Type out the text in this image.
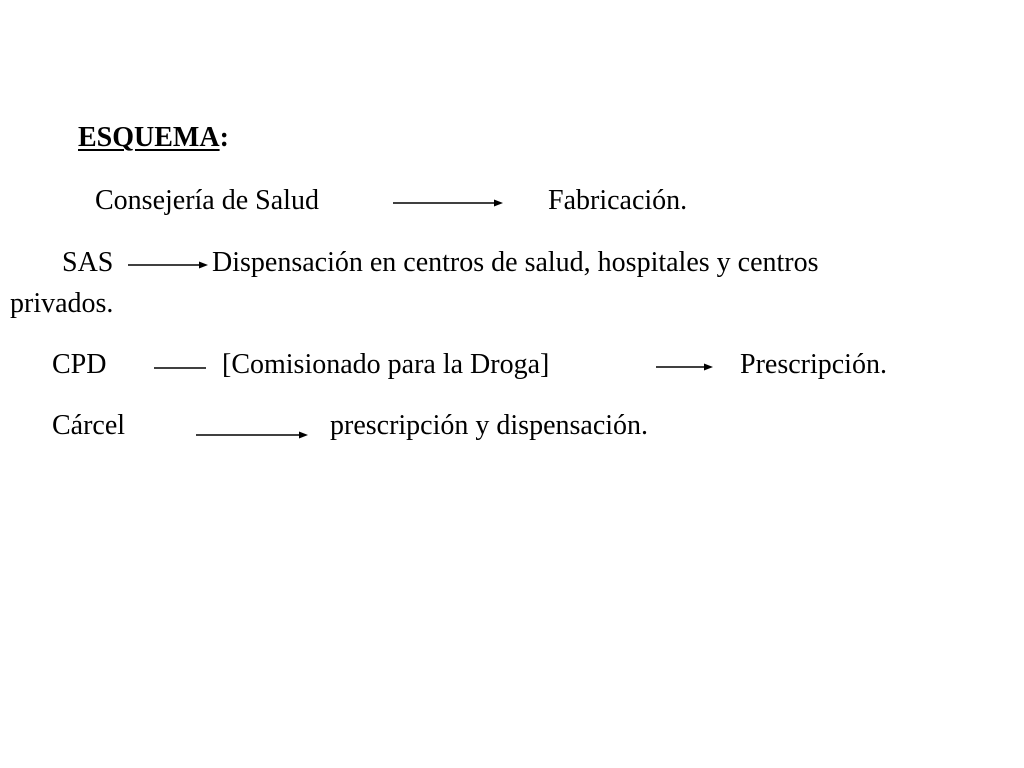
ESQUEMA:
Consejería de Salud	Fabricación.
SAS	Dispensación en centros de salud, hospitales y centros
privados.
CPD	[Comisionado para la Droga]	Prescripción.
Cárcel	prescripción y dispensación.
